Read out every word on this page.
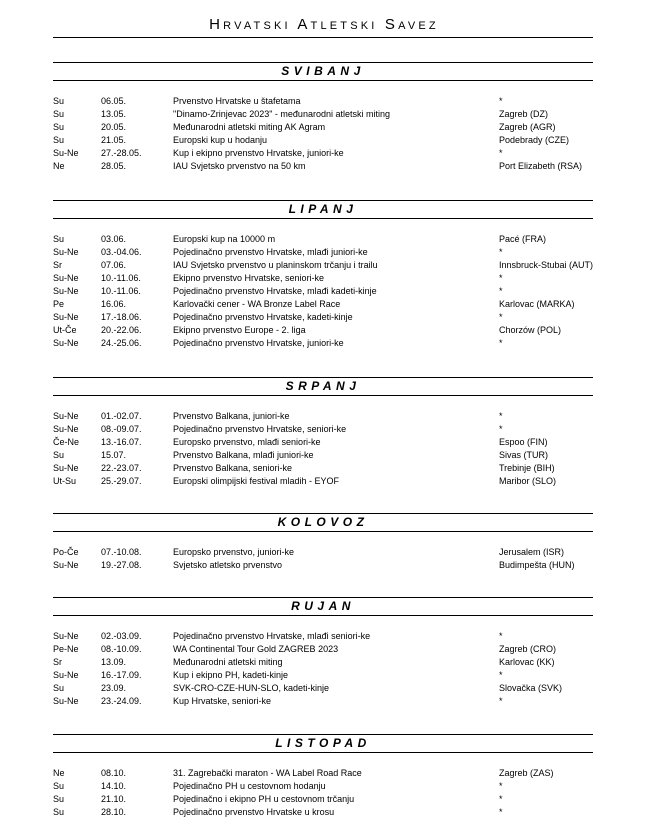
Hrvatski Atletski Savez
SVIBANJ
Su	06.05.	Prvenstvo Hrvatske u štafetama	*
Su	13.05.	"Dinamo-Zrinjevac 2023" - međunarodni atletski miting	Zagreb (DZ)
Su	20.05.	Međunarodni atletski miting AK Agram	Zagreb (AGR)
Su	21.05.	Europski kup u hodanju	Podebrady (CZE)
Su-Ne 27.-28.05.	Kup i ekipno prvenstvo Hrvatske, juniori-ke	*
Ne	28.05.	IAU Svjetsko prvenstvo na 50 km	Port Elizabeth (RSA)
LIPANJ
Su	03.06.	Europski kup na 10000 m	Pacé (FRA)
Su-Ne 03.-04.06.	Pojedinačno prvenstvo Hrvatske, mlađi juniori-ke	*
Sr	07.06.	IAU Svjetsko prvenstvo u planinskom trčanju i trailu	Innsbruck-Stubai (AUT)
Su-Ne 10.-11.06.	Ekipno prvenstvo Hrvatske, seniori-ke	*
Su-Ne 10.-11.06.	Pojedinačno prvenstvo Hrvatske, mlađi kadeti-kinje	*
Pe	16.06.	Karlovački cener - WA Bronze Label Race	Karlovac (MARKA)
Su-Ne 17.-18.06.	Pojedinačno prvenstvo Hrvatske, kadeti-kinje	*
Ut-Če	20.-22.06.	Ekipno prvenstvo Europe - 2. liga	Chorzów (POL)
Su-Ne 24.-25.06.	Pojedinačno prvenstvo Hrvatske, juniori-ke	*
SRPANJ
Su-Ne 01.-02.07.	Prvenstvo Balkana, juniori-ke	*
Su-Ne 08.-09.07.	Pojedinačno prvenstvo Hrvatske, seniori-ke	*
Če-Ne 13.-16.07.	Europsko prvenstvo, mlađi seniori-ke	Espoo (FIN)
Su	15.07.	Prvenstvo Balkana, mlađi juniori-ke	Sivas (TUR)
Su-Ne 22.-23.07.	Prvenstvo Balkana, seniori-ke	Trebinje (BIH)
Ut-Su	25.-29.07.	Europski olimpijski festival mladih - EYOF	Maribor (SLO)
KOLOVOZ
Po-Če 07.-10.08.	Europsko prvenstvo, juniori-ke	Jerusalem (ISR)
Su-Ne 19.-27.08.	Svjetsko atletsko prvenstvo	Budimpešta (HUN)
RUJAN
Su-Ne 02.-03.09.	Pojedinačno prvenstvo Hrvatske, mlađi seniori-ke	*
Pe-Ne 08.-10.09.	WA Continental Tour Gold ZAGREB 2023	Zagreb (CRO)
Sr	13.09.	Međunarodni atletski miting	Karlovac (KK)
Su-Ne 16.-17.09.	Kup i ekipno PH, kadeti-kinje	*
Su	23.09.	SVK-CRO-CZE-HUN-SLO, kadeti-kinje	Slovačka (SVK)
Su-Ne 23.-24.09.	Kup Hrvatske, seniori-ke	*
LISTOPAD
Ne	08.10.	31. Zagrebački maraton - WA Label Road Race	Zagreb (ZAS)
Su	14.10.	Pojedinačno PH u cestovnom hodanju	*
Su	21.10.	Pojedinačno i ekipno PH u cestovnom trčanju	*
Su	28.10.	Pojedinačno prvenstvo Hrvatske u krosu	*
